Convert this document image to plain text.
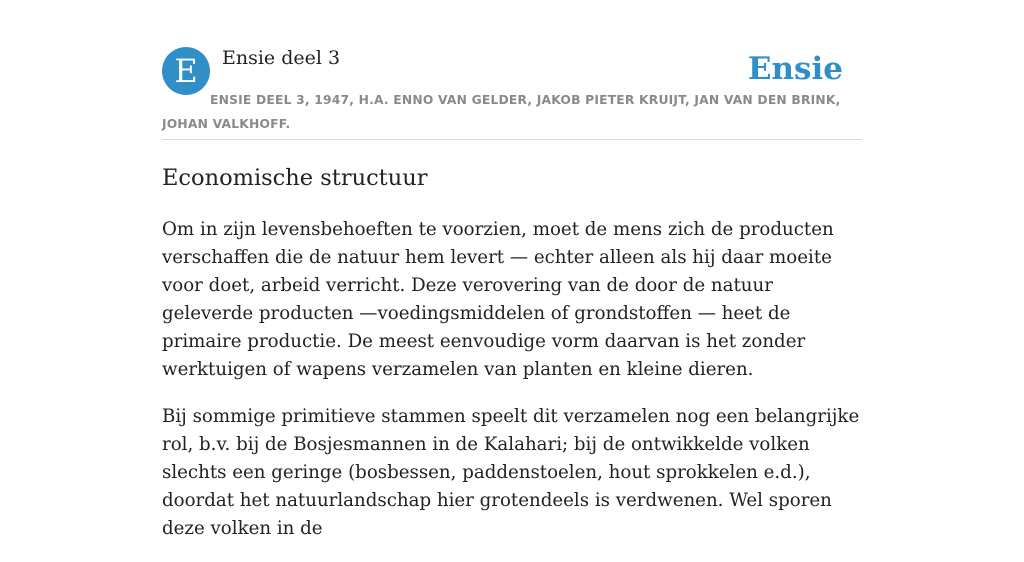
E	Ensie deel 3	Ensie
ENSIE DEEL 3, 1947, H.A. ENNO VAN GELDER, JAKOB PIETER KRUIJT, JAN VAN DEN BRINK, JOHAN VALKHOFF.
Economische structuur

Om in zijn levensbehoeften te voorzien, moet de mens zich de producten verschaffen die de natuur hem levert — echter alleen als hij daar moeite voor doet, arbeid verricht. Deze verovering van de door de natuur geleverde producten —voedingsmiddelen of grondstoffen — heet de primaire productie. De meest eenvoudige vorm daarvan is het zonder werktuigen of wapens verzamelen van planten en kleine dieren.

Bij sommige primitieve stammen speelt dit verzamelen nog een belangrijke rol, b.v. bij de Bosjesmannen in de Kalahari; bij de ontwikkelde volken slechts een geringe (bosbessen, paddenstoelen, hout sprokkelen e.d.), doordat het natuurlandschap hier grotendeels is verdwenen. Wel sporen deze volken in de
